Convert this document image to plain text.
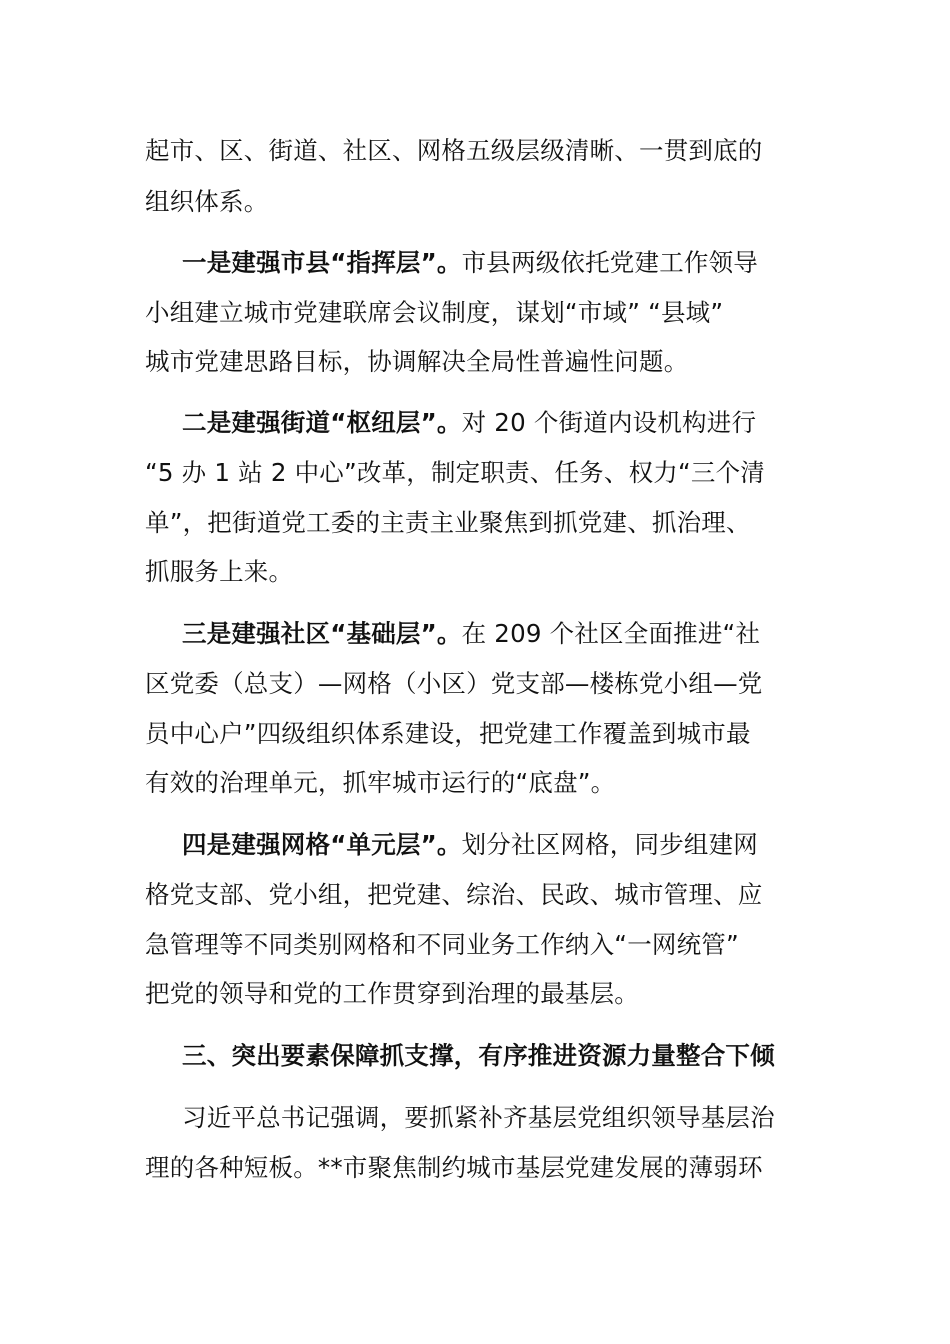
起市、区、街道、社区、网格五级层级清晰、一贯到底的
组织体系。
一是建强市县“指挥层”。市县两级依托党建工作领导
小组建立城市党建联席会议制度，谋划“市域” “县域”
城市党建思路目标，协调解决全局性普遍性问题。
二是建强街道“枢纽层”。对 20 个街道内设机构进行
“5 办 1 站 2 中心”改革，制定职责、任务、权力“三个清
单”，把街道党工委的主责主业聚焦到抓党建、抓治理、
抓服务上来。
三是建强社区“基础层”。在 209 个社区全面推进“社
区党委（总支）—网格（小区）党支部—楼栋党小组—党
员中心户”四级组织体系建设，把党建工作覆盖到城市最
有效的治理单元，抓牢城市运行的“底盘”。
四是建强网格“单元层”。划分社区网格，同步组建网
格党支部、党小组，把党建、综治、民政、城市管理、应
急管理等不同类别网格和不同业务工作纳入“一网统管”
把党的领导和党的工作贯穿到治理的最基层。
三、突出要素保障抓支撑，有序推进资源力量整合下倾
习近平总书记强调，要抓紧补齐基层党组织领导基层治
理的各种短板。**市聚焦制约城市基层党建发展的薄弱环
